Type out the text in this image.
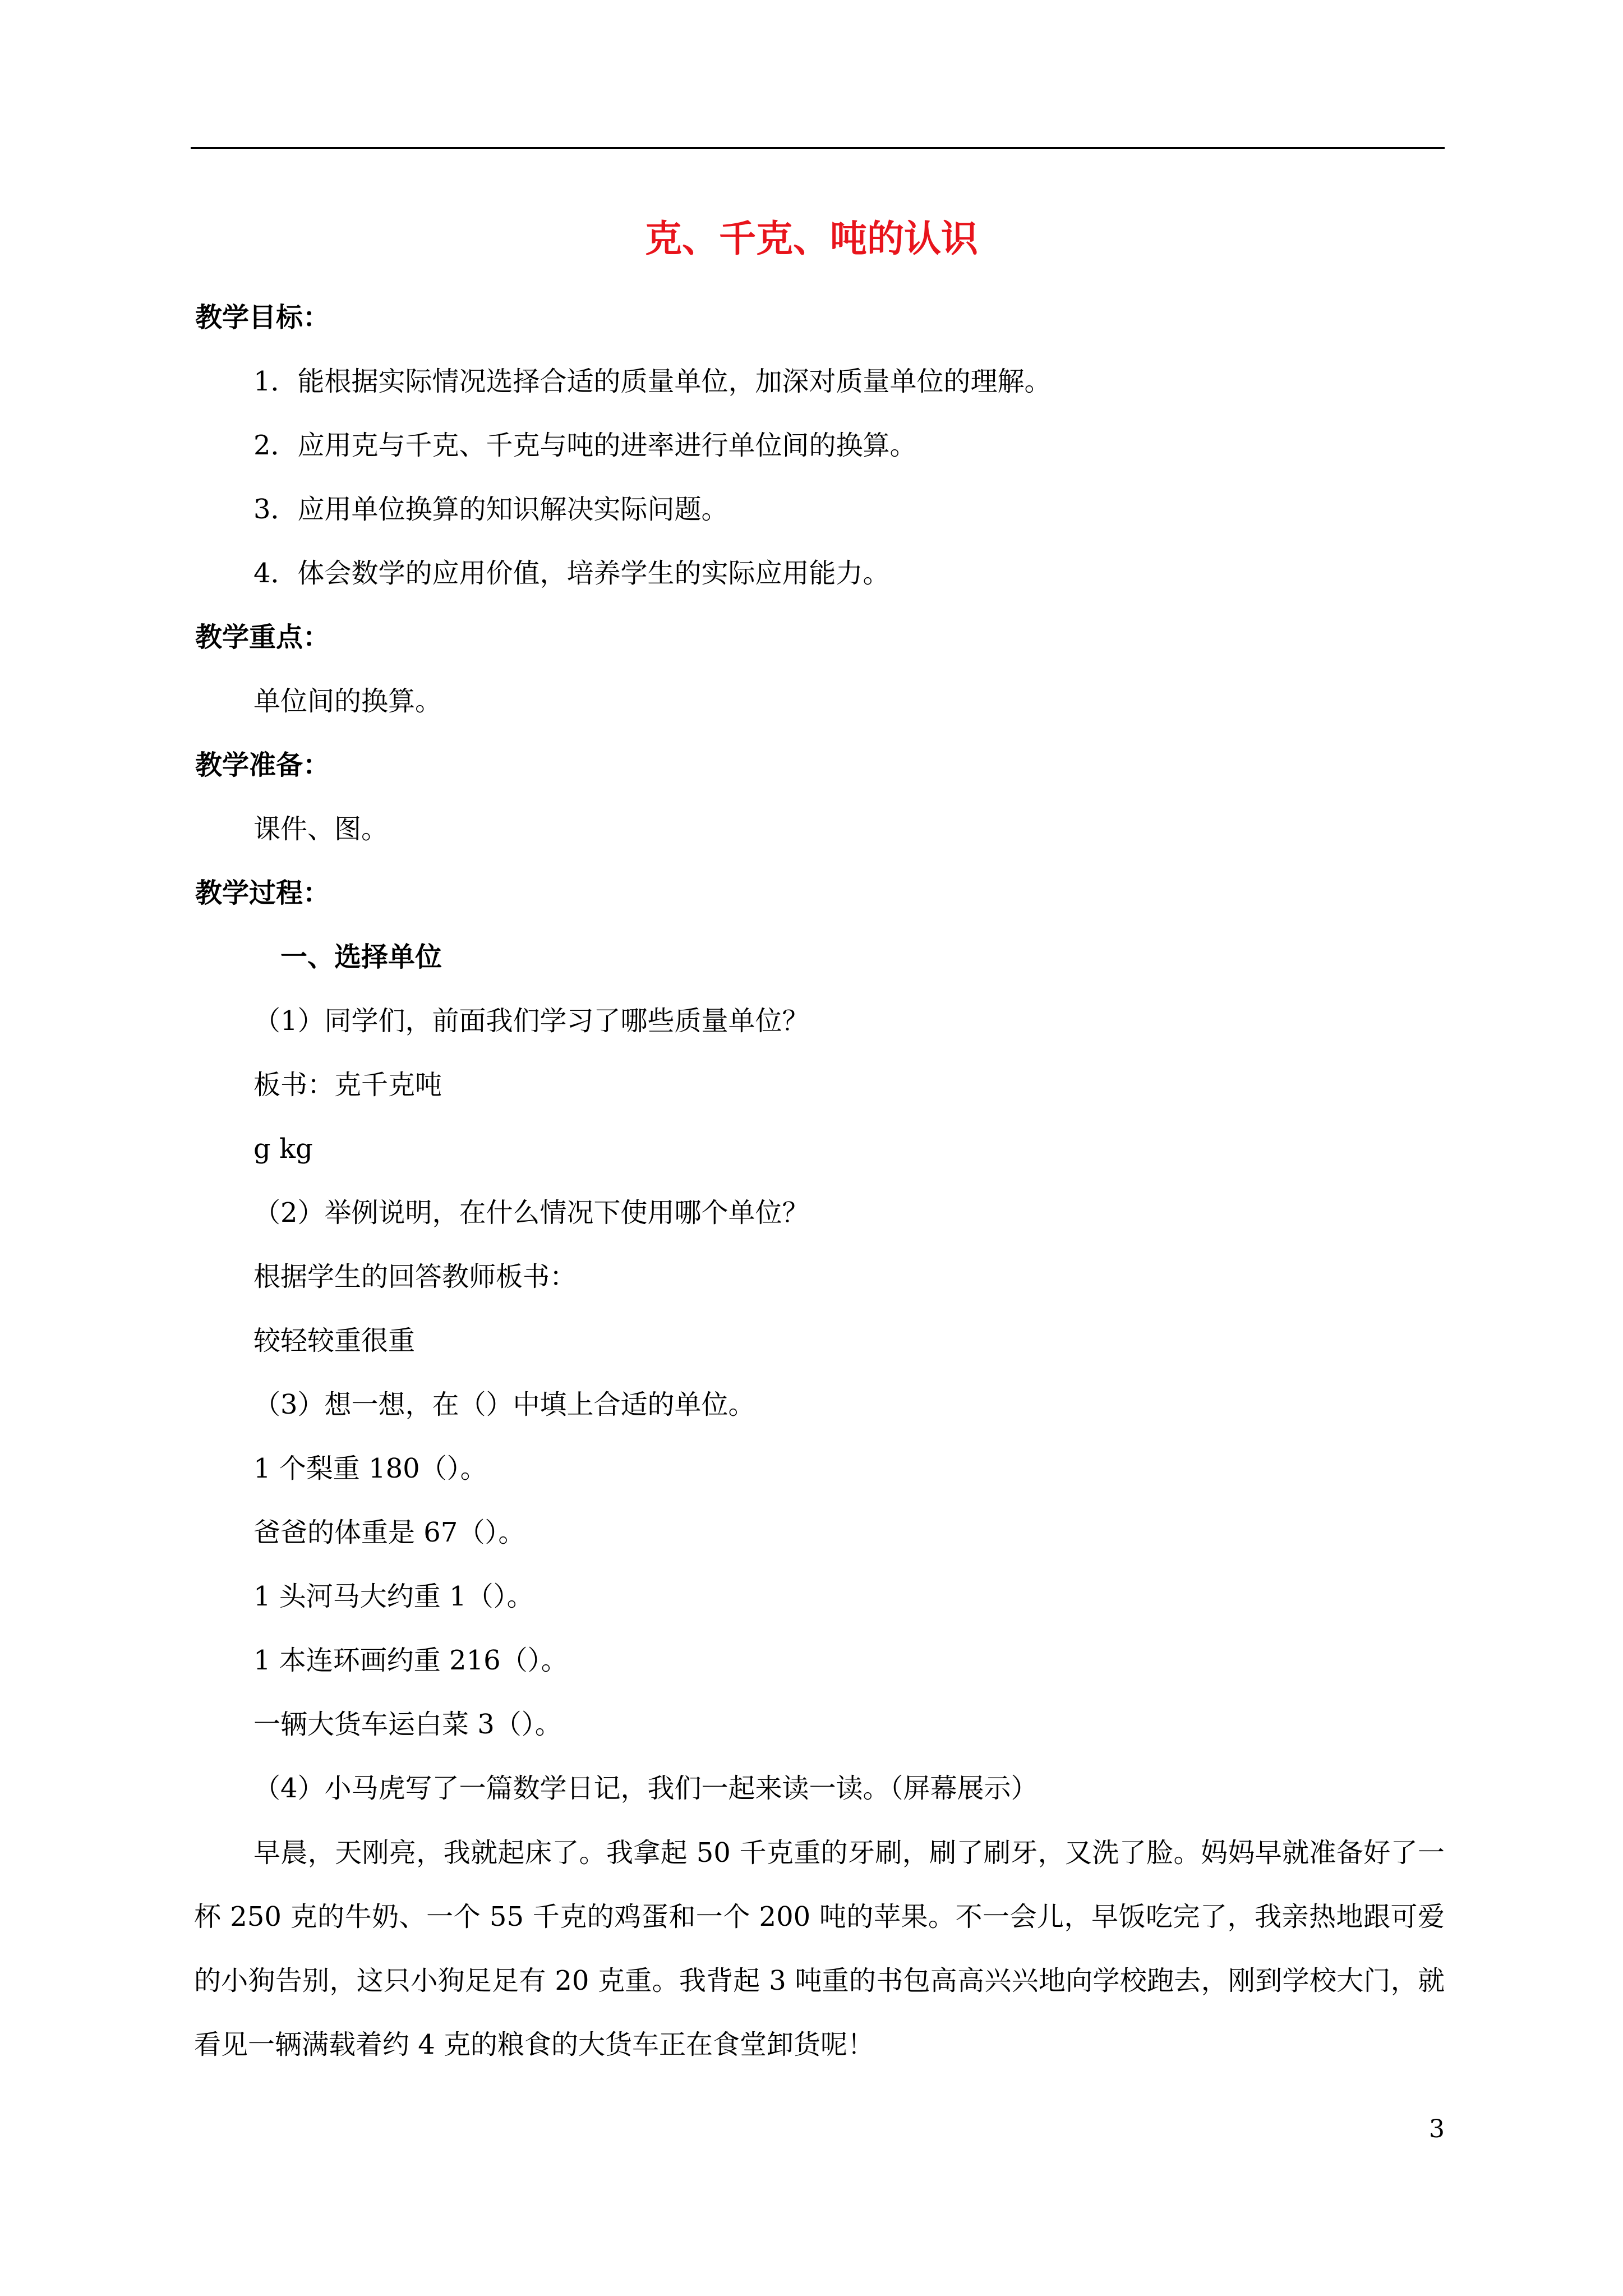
克、千克、吨的认识
教学目标：
1．能根据实际情况选择合适的质量单位，加深对质量单位的理解。
2．应用克与千克、千克与吨的进率进行单位间的换算。
3．应用单位换算的知识解决实际问题。
4．体会数学的应用价值，培养学生的实际应用能力。
教学重点：
单位间的换算。
教学准备：
课件、图。
教学过程：
一、选择单位
（1）同学们，前面我们学习了哪些质量单位？
板书：克千克吨
g kg
（2）举例说明，在什么情况下使用哪个单位？
根据学生的回答教师板书：
较轻较重很重
（3）想一想，在（）中填上合适的单位。
1 个梨重 180（）。
爸爸的体重是 67（）。
1 头河马大约重 1（）。
1 本连环画约重 216（）。
一辆大货车运白菜 3（）。
（4）小马虎写了一篇数学日记，我们一起来读一读。（屏幕展示）
早晨，天刚亮，我就起床了。我拿起 50 千克重的牙刷，刷了刷牙，又洗了脸。妈妈早就准备好了一杯 250 克的牛奶、一个 55 千克的鸡蛋和一个 200 吨的苹果。不一会儿，早饭吃完了，我亲热地跟可爱的小狗告别，这只小狗足足有 20 克重。我背起 3 吨重的书包高高兴兴地向学校跑去，刚到学校大门，就看见一辆满载着约 4 克的粮食的大货车正在食堂卸货呢！
3
